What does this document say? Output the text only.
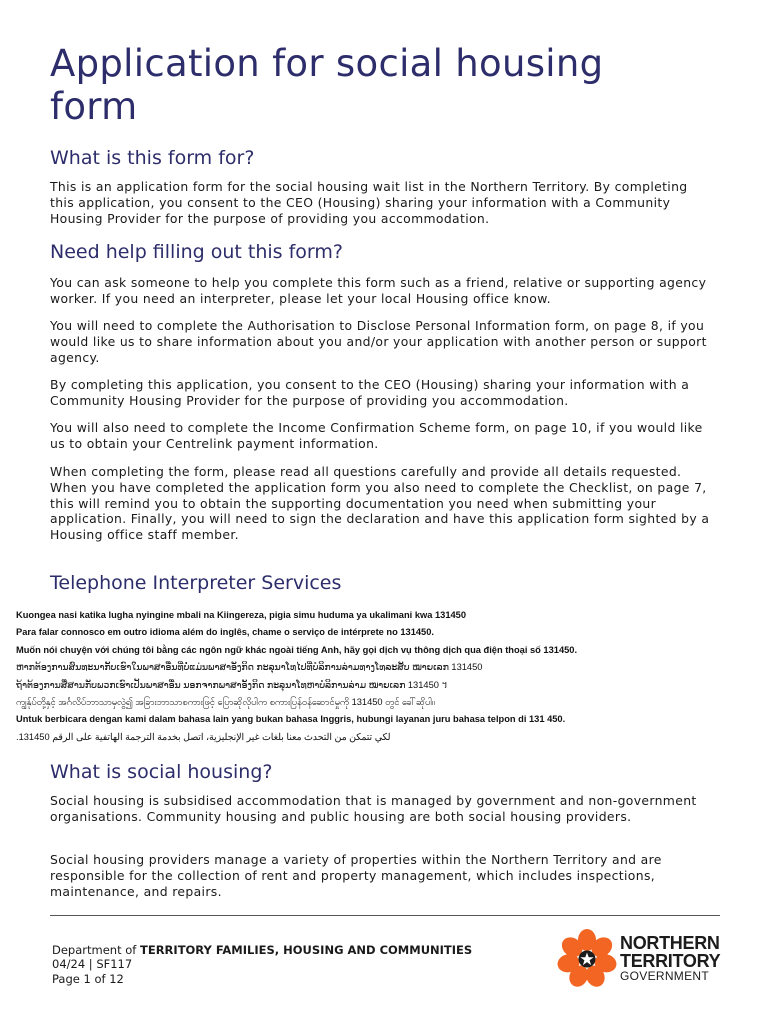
Application for social housing form
What is this form for?

This is an application form for the social housing wait list in the Northern Territory. By completing this application, you consent to the CEO (Housing) sharing your information with a Community Housing Provider for the purpose of providing you accommodation.

Need help filling out this form?

You can ask someone to help you complete this form such as a friend, relative or supporting agency worker. If you need an interpreter, please let your local Housing office know.

You will need to complete the Authorisation to Disclose Personal Information form, on page 8, if you would like us to share information about you and/or your application with another person or support agency.

By completing this application, you consent to the CEO (Housing) sharing your information with a Community Housing Provider for the purpose of providing you accommodation.

You will also need to complete the Income Confirmation Scheme form, on page 10, if you would like us to obtain your Centrelink payment information.

When completing the form, please read all questions carefully and provide all details requested. When you have completed the application form you also need to complete the Checklist, on page 7, this will remind you to obtain the supporting documentation you need when submitting your application. Finally, you will need to sign the declaration and have this application form sighted by a Housing office staff member.

Telephone Interpreter Services
What is social housing?

Social housing is subsidised accommodation that is managed by government and non-government organisations. Community housing and public housing are both social housing providers.

Social housing providers manage a variety of properties within the Northern Territory and are responsible for the collection of rent and property management, which includes inspections, maintenance, and repairs.

Kuongea nasi katika lugha nyingine mbali na Kiingereza, pigia simu huduma ya ukalimani kwa 131450
Para falar connosco em outro idioma além do inglês, chame o serviço de intérprete no 131450.
Muốn nói chuyện với chúng tôi bằng các ngôn ngữ khác ngoài tiếng Anh, hãy gọi dịch vụ thông dịch qua điện thoại số 131450.
ຫາກຕ້ອງການສົນທະນາກັບເຮົາໃນພາສາອື່ນທີ່ບໍ່ແມ່ນພາສາອັງກິດ ກະລຸນາໂທໄປທີ່ບໍລິການລ່າມທາງໂທລະສັບ ໝາຍເລກ 131450
ຖ້າຕ້ອງການສື່ສານກັບພວກເຮົາເປັນພາສາອື່ນ ນອກຈາກພາສາອັງກິດ ກະລຸນາໂທຫາບໍລິການລ່າມ ໝາຍເລກ 131450 ។
ကျွန်ုပ်တို့နှင့် အင်္ဂလိပ်ဘာသာမှလွဲ၍ အခြားဘာသာစကားဖြင့် ပြောဆိုလိုပါက စကားပြန်ဝန်ဆောင်မှုကို 131450 တွင် ခေါ်ဆိုပါ။
Untuk berbicara dengan kami dalam bahasa lain yang bukan bahasa Inggris, hubungi layanan juru bahasa telpon di 131 450.
لكي تتمكن من التحدث معنا بلغات غير الإنجليزية، اتصل بخدمة الترجمة الهاتفية على الرقم 131450.
Department of TERRITORY FAMILIES, HOUSING AND COMMUNITIES
04/24 | SF117
Page 1 of 12
NORTHERN
TERRITORY
GOVERNMENT
